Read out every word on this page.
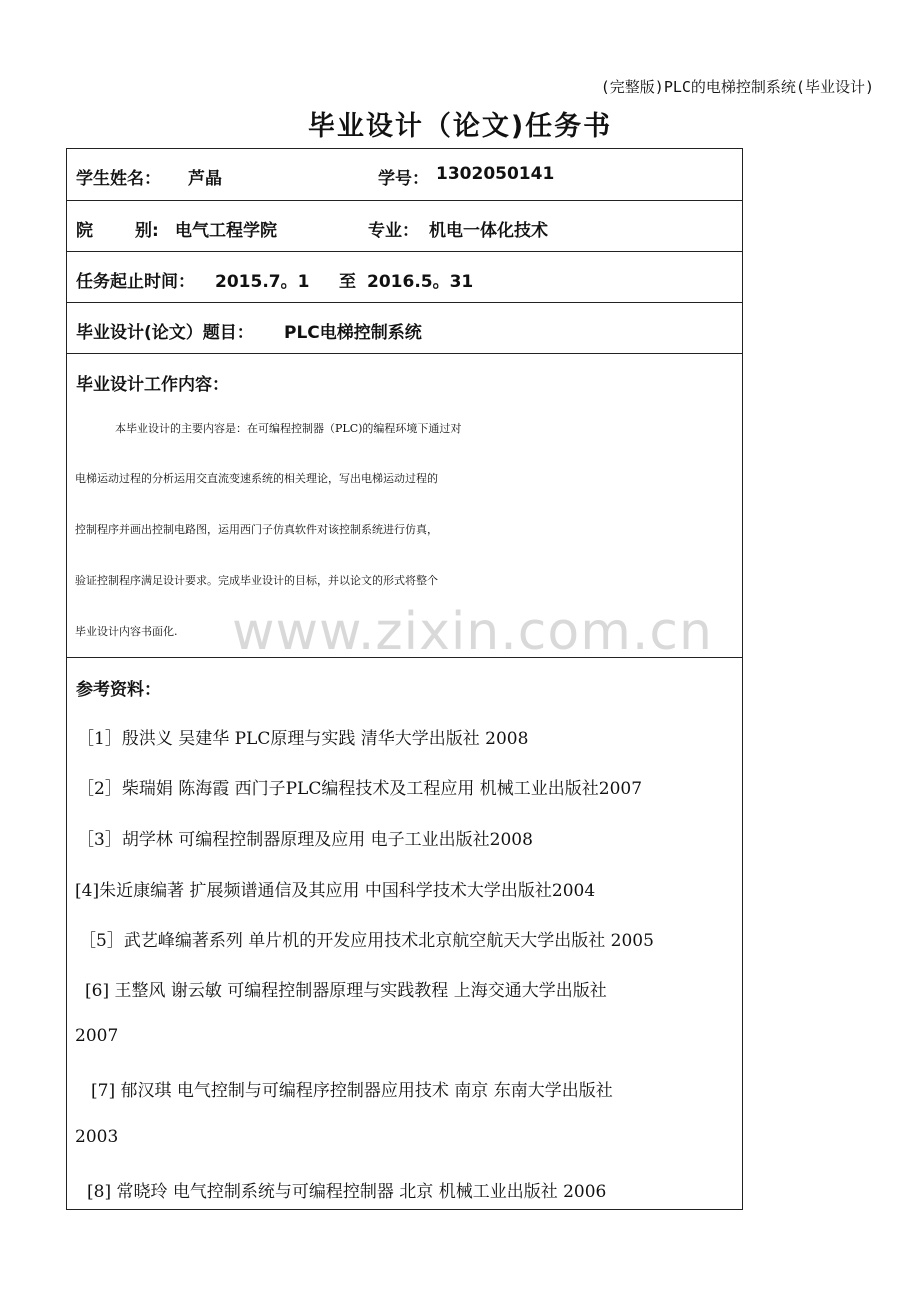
(完整版)PLC的电梯控制系统(毕业设计)
毕业设计（论文)任务书
学生姓名： 芦晶	学号： 1302050141
院 别: 电气工程学院	专业： 机电一体化技术
任务起止时间： 2015.7。1 至 2016.5。31
毕业设计(论文）题目： PLC电梯控制系统
毕业设计工作内容：
本毕业设计的主要内容是：在可编程控制器（PLC)的编程环境下通过对
电梯运动过程的分析运用交直流变速系统的相关理论，写出电梯运动过程的
控制程序并画出控制电路图，运用西门子仿真软件对该控制系统进行仿真，
验证控制程序满足设计要求。完成毕业设计的目标，并以论文的形式将整个
毕业设计内容书面化.
参考资料：
［1］殷洪义 吴建华 PLC原理与实践 清华大学出版社 2008
［2］柴瑞娟 陈海霞 西门子PLC编程技术及工程应用 机械工业出版社2007
［3］胡学林 可编程控制器原理及应用 电子工业出版社2008
[4]朱近康编著 扩展频谱通信及其应用 中国科学技术大学出版社2004
［5］武艺峰编著系列 单片机的开发应用技术北京航空航天大学出版社 2005
[6] 王整风 谢云敏 可编程控制器原理与实践教程 上海交通大学出版社
2007
[7] 郁汉琪 电气控制与可编程序控制器应用技术 南京 东南大学出版社
2003
[8] 常晓玲 电气控制系统与可编程控制器 北京 机械工业出版社 2006
www.zixin.com.cn
